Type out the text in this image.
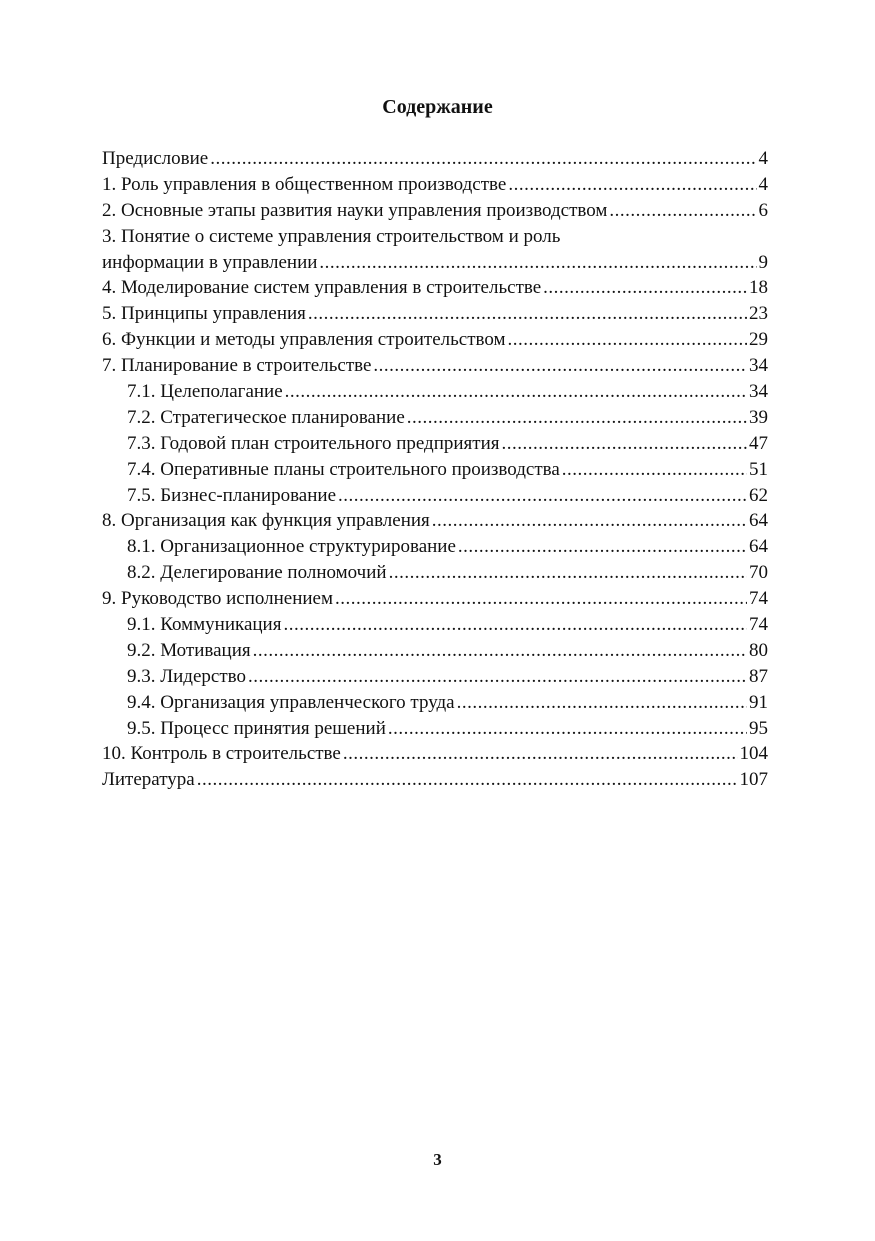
Содержание
Предисловие .....	4
1. Роль управления в общественном производстве .....	4
2. Основные этапы развития науки управления производством .....	6
3. Понятие о системе управления строительством и роль
информации в управлении .....	9
4. Моделирование систем управления в строительстве .....	18
5. Принципы управления .....	23
6. Функции и методы управления строительством .....	29
7. Планирование в строительстве .....	34
7.1. Целеполагание .....	34
7.2. Стратегическое планирование .....	39
7.3. Годовой план строительного предприятия .....	47
7.4. Оперативные планы строительного производства .....	51
7.5. Бизнес-планирование .....	62
8. Организация как функция управления .....	64
8.1. Организационное структурирование .....	64
8.2. Делегирование полномочий .....	70
9. Руководство исполнением .....	74
9.1. Коммуникация .....	74
9.2. Мотивация .....	80
9.3. Лидерство .....	87
9.4. Организация управленческого труда .....	91
9.5. Процесс принятия решений .....	95
10. Контроль в строительстве .....	104
Литература .....	107
3
